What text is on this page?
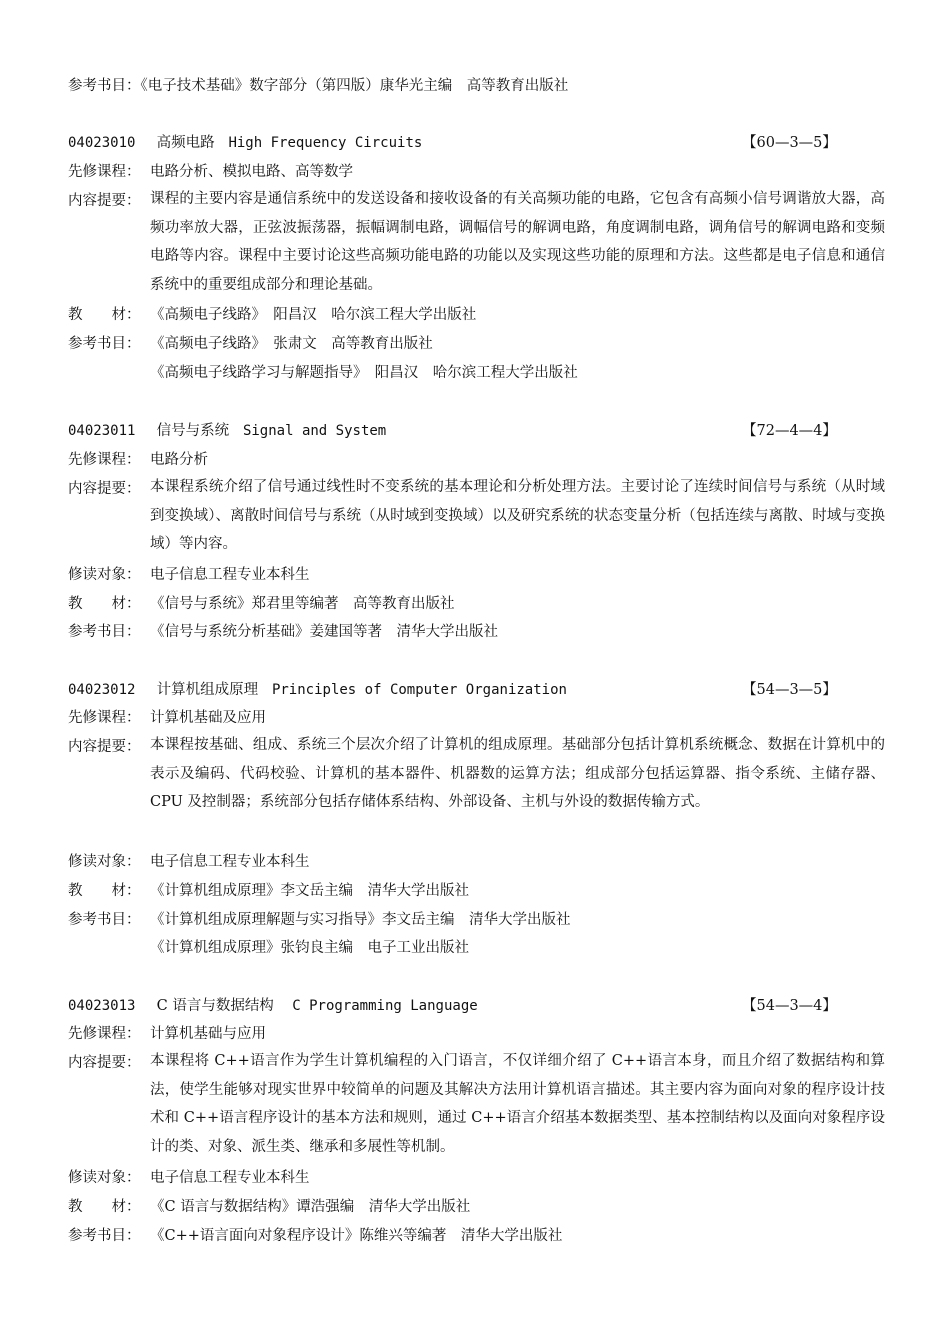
参考书目：《电子技术基础》数字部分（第四版）康华光主编　高等教育出版社
04023010 高频电路 High Frequency Circuits	【60—3—5】
先修课程： 电路分析、模拟电路、高等数学
内容提要： 课程的主要内容是通信系统中的发送设备和接收设备的有关高频功能的电路，它包含有高频小信号调谐放大器，高频功率放大器，正弦波振荡器，振幅调制电路，调幅信号的解调电路，角度调制电路，调角信号的解调电路和变频电路等内容。课程中主要讨论这些高频功能电路的功能以及实现这些功能的原理和方法。这些都是电子信息和通信系统中的重要组成部分和理论基础。
教　　材： 《高频电子线路》　阳昌汉　哈尔滨工程大学出版社
参考书目： 《高频电子线路》　张肃文　高等教育出版社
《高频电子线路学习与解题指导》　阳昌汉　哈尔滨工程大学出版社
04023011 信号与系统 Signal and System	【72—4—4】
先修课程： 电路分析
内容提要： 本课程系统介绍了信号通过线性时不变系统的基本理论和分析处理方法。主要讨论了连续时间信号与系统（从时域到变换域）、离散时间信号与系统（从时域到变换域）以及研究系统的状态变量分析（包括连续与离散、时域与变换域）等内容。
修读对象： 电子信息工程专业本科生
教　　材： 《信号与系统》郑君里等编著　高等教育出版社
参考书目： 《信号与系统分析基础》姜建国等著　清华大学出版社
04023012 计算机组成原理 Principles of Computer Organization	【54—3—5】
先修课程： 计算机基础及应用
内容提要： 本课程按基础、组成、系统三个层次介绍了计算机的组成原理。基础部分包括计算机系统概念、数据在计算机中的表示及编码、代码校验、计算机的基本器件、机器数的运算方法；组成部分包括运算器、指令系统、主储存器、CPU 及控制器；系统部分包括存储体系结构、外部设备、主机与外设的数据传输方式。
修读对象： 电子信息工程专业本科生
教　　材： 《计算机组成原理》李文岳主编　清华大学出版社
参考书目： 《计算机组成原理解题与实习指导》李文岳主编　清华大学出版社
《计算机组成原理》张钧良主编　电子工业出版社
04023013 C 语言与数据结构 C Programming Language	【54—3—4】
先修课程： 计算机基础与应用
内容提要： 本课程将 C++语言作为学生计算机编程的入门语言，不仅详细介绍了 C++语言本身，而且介绍了数据结构和算法，使学生能够对现实世界中较简单的问题及其解决方法用计算机语言描述。其主要内容为面向对象的程序设计技术和 C++语言程序设计的基本方法和规则，通过 C++语言介绍基本数据类型、基本控制结构以及面向对象程序设计的类、对象、派生类、继承和多展性等机制。
修读对象： 电子信息工程专业本科生
教　　材： 《C 语言与数据结构》谭浩强编　清华大学出版社
参考书目： 《C++语言面向对象程序设计》陈维兴等编著　清华大学出版社
